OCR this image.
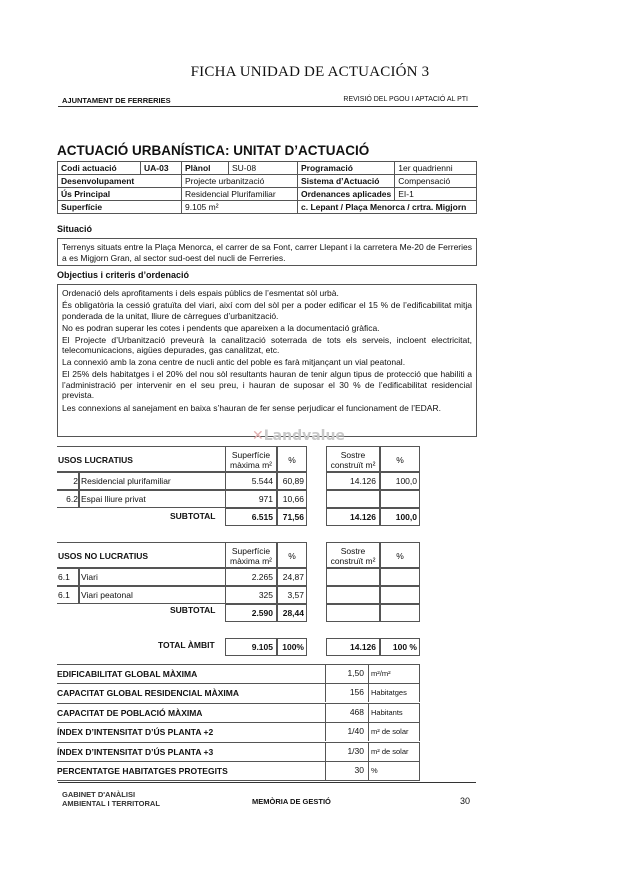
FICHA UNIDAD DE ACTUACIÓN 3
AJUNTAMENT DE FERRERIES	REVISIÓ DEL PGOU I APTACIÓ AL PTI
ACTUACIÓ URBANÍSTICA: UNITAT D’ACTUACIÓ
Codi actuació	UA-03	Plànol	SU-08	Programació	1er quadrienni
Desenvolupament		Projecte urbanització		Sistema d’Actuació	Compensació
Ús Principal		Residencial Plurifamiliar		Ordenances aplicades	EI-1
Superfície		9.105 m²		c. Lepant / Plaça Menorca / crtra. Migjorn	
Situació

Terrenys situats entre la Plaça Menorca, el carrer de sa Font, carrer Llepant i la carretera Me-20 de Ferreries a es Migjorn Gran, al sector sud-oest del nucli de Ferreries.

Objectius i criteris d’ordenació

Ordenació dels aprofitaments i dels espais públics de l’esmentat sòl urbà.

És obligatòria la cessió gratuïta del viari, així com del sòl per a poder edificar el 15 % de l’edificabilitat mitja ponderada de la unitat, lliure de càrregues d’urbanització.

No es podran superar les cotes i pendents que apareixen a la documentació gràfica.

El Projecte d’Urbanització preveurà la canalització soterrada de tots els serveis, incloent electricitat, telecomunicacions, aigües depurades, gas canalitzat, etc.

La connexió amb la zona centre de nucli antic del poble es farà mitjançant un vial peatonal.

El 25% dels habitatges i el 20% del nou sòl resultants hauran de tenir algun tipus de protecció que habiliti a l’administració per intervenir en el seu preu, i hauran de suposar el 30 % de l’edificabilitat residencial prevista.

Les connexions al sanejament en baixa s’hauran de fer sense perjudicar el funcionament de l’EDAR.

✕Landvalue
USOS LUCRATIUS	Superfície
màxima m²	%	Sostre
construït m²	%
2 Residencial plurifamiliar	5.544	60,89	14.126	100,0
6.2 Espai lliure privat	971	10,66
SUBTOTAL	6.515	71,56	14.126	100,0
USOS NO LUCRATIUS	Superfície
màxima m²	%	Sostre
construït m²	%
6.1	Viari	2.265	24,87
6.1	Viari peatonal	325	3,57
SUBTOTAL	2.590	28,44
TOTAL ÀMBIT	9.105	100%	14.126	100 %
EDIFICABILITAT GLOBAL MÀXIMA	1,50 m²/m²
CAPACITAT GLOBAL RESIDENCIAL MÀXIMA	156 Habitatges
CAPACITAT DE POBLACIÓ MÀXIMA	468 Habitants
ÍNDEX D’INTENSITAT D’ÚS PLANTA +2	1/40 m² de solar
ÍNDEX D’INTENSITAT D’ÚS PLANTA +3	1/30 m² de solar
PERCENTATGE HABITATGES PROTEGITS	30 %
GABINET D'ANÀLISI
AMBIENTAL I TERRITORAL	MEMÒRIA DE GESTIÓ	30
